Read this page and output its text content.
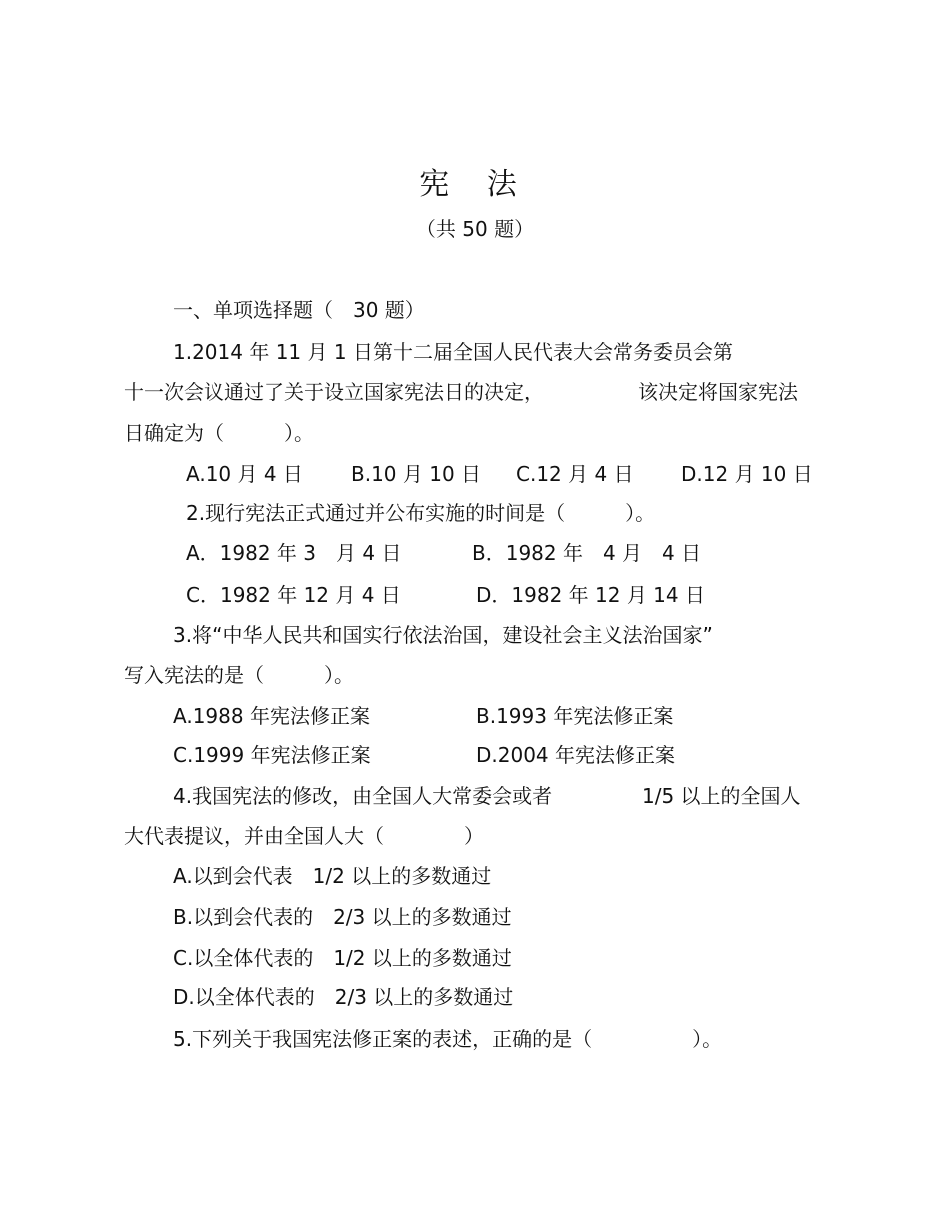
宪 法
（共 50 题）
一、单项选择题（　30 题）
1.2014 年 11 月 1 日第十二届全国人民代表大会常务委员会第
十一次会议通过了关于设立国家宪法日的决定，	该决定将国家宪法
日确定为（　　　）。
A.10 月 4 日 B.10 月 10 日 C.12 月 4 日 D.12 月 10 日
2.现行宪法正式通过并公布实施的时间是（　　　）。
A．1982 年 3　月 4 日	B．1982 年　4 月　4 日
C．1982 年 12 月 4 日	D．1982 年 12 月 14 日
3.将“中华人民共和国实行依法治国，建设社会主义法治国家”
写入宪法的是（　　　）。
A.1988 年宪法修正案	B.1993 年宪法修正案
C.1999 年宪法修正案	D.2004 年宪法修正案
4.我国宪法的修改，由全国人大常委会或者	1/5 以上的全国人
大代表提议，并由全国人大（　　　　）
A.以到会代表　1/2 以上的多数通过
B.以到会代表的　2/3 以上的多数通过
C.以全体代表的　1/2 以上的多数通过
D.以全体代表的　2/3 以上的多数通过
5.下列关于我国宪法修正案的表述，正确的是（　　　　　）。
